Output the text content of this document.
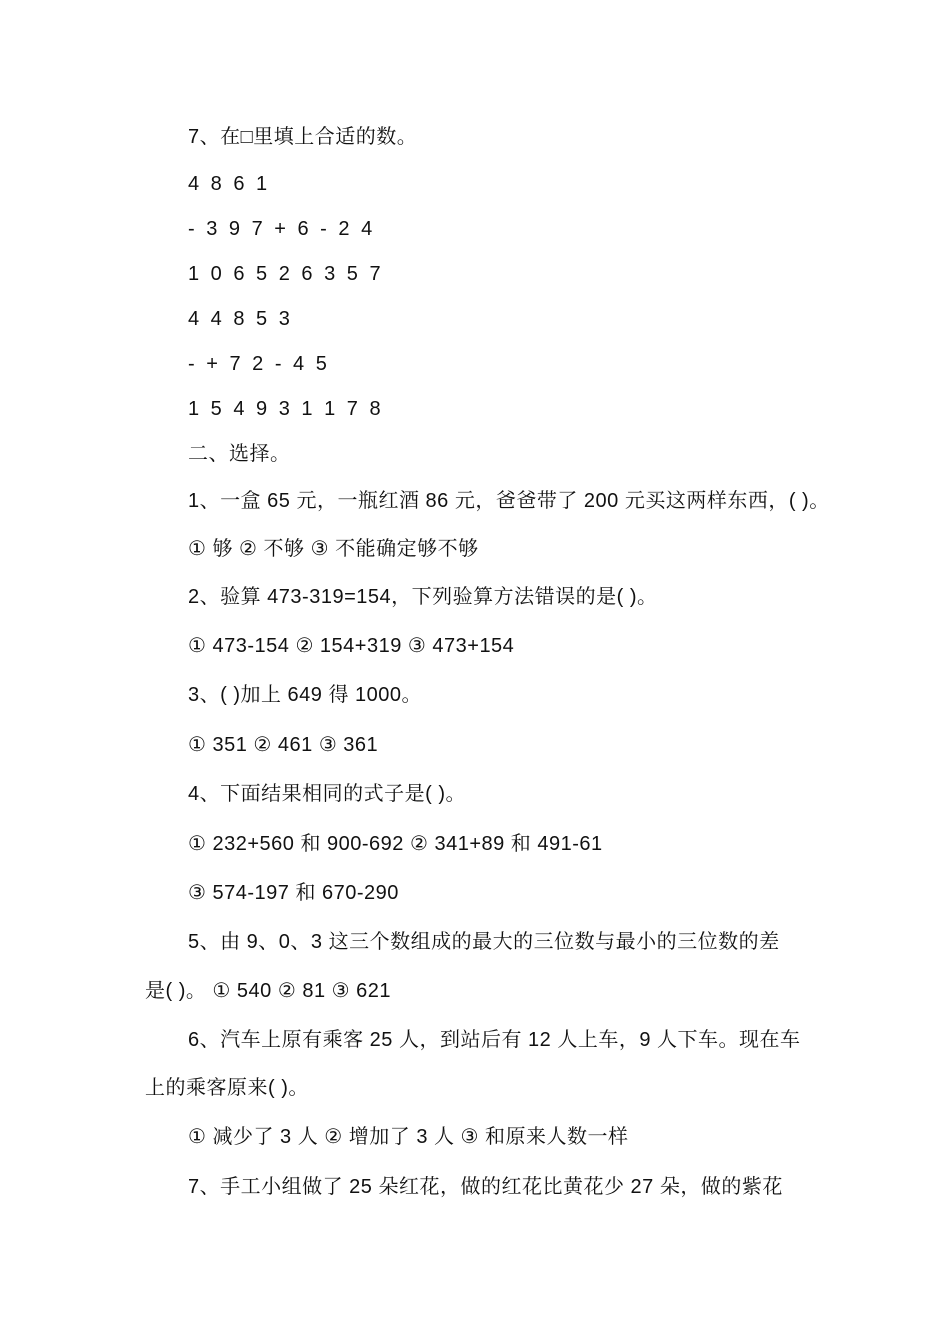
7、在□里填上合适的数。
4 8 6 1
- 3 9 7 + 6 - 2 4
1 0 6 5 2 6 3 5 7
4 4 8 5 3
- + 7 2 - 4 5
1 5 4 9 3 1 1 7 8
二、选择。
1、一盒 65 元，一瓶红酒 86 元，爸爸带了 200 元买这两样东西，( )。
① 够 ② 不够 ③ 不能确定够不够
2、验算 473-319=154，下列验算方法错误的是( )。
① 473-154 ② 154+319 ③ 473+154
3、( )加上 649 得 1000。
① 351 ② 461 ③ 361
4、下面结果相同的式子是( )。
① 232+560 和 900-692 ② 341+89 和 491-61
③ 574-197 和 670-290
5、由 9、0、3 这三个数组成的最大的三位数与最小的三位数的差
是( )。 ① 540 ② 81 ③ 621
6、汽车上原有乘客 25 人，到站后有 12 人上车，9 人下车。现在车
上的乘客原来( )。
① 减少了 3 人 ② 增加了 3 人 ③ 和原来人数一样
7、手工小组做了 25 朵红花，做的红花比黄花少 27 朵，做的紫花
